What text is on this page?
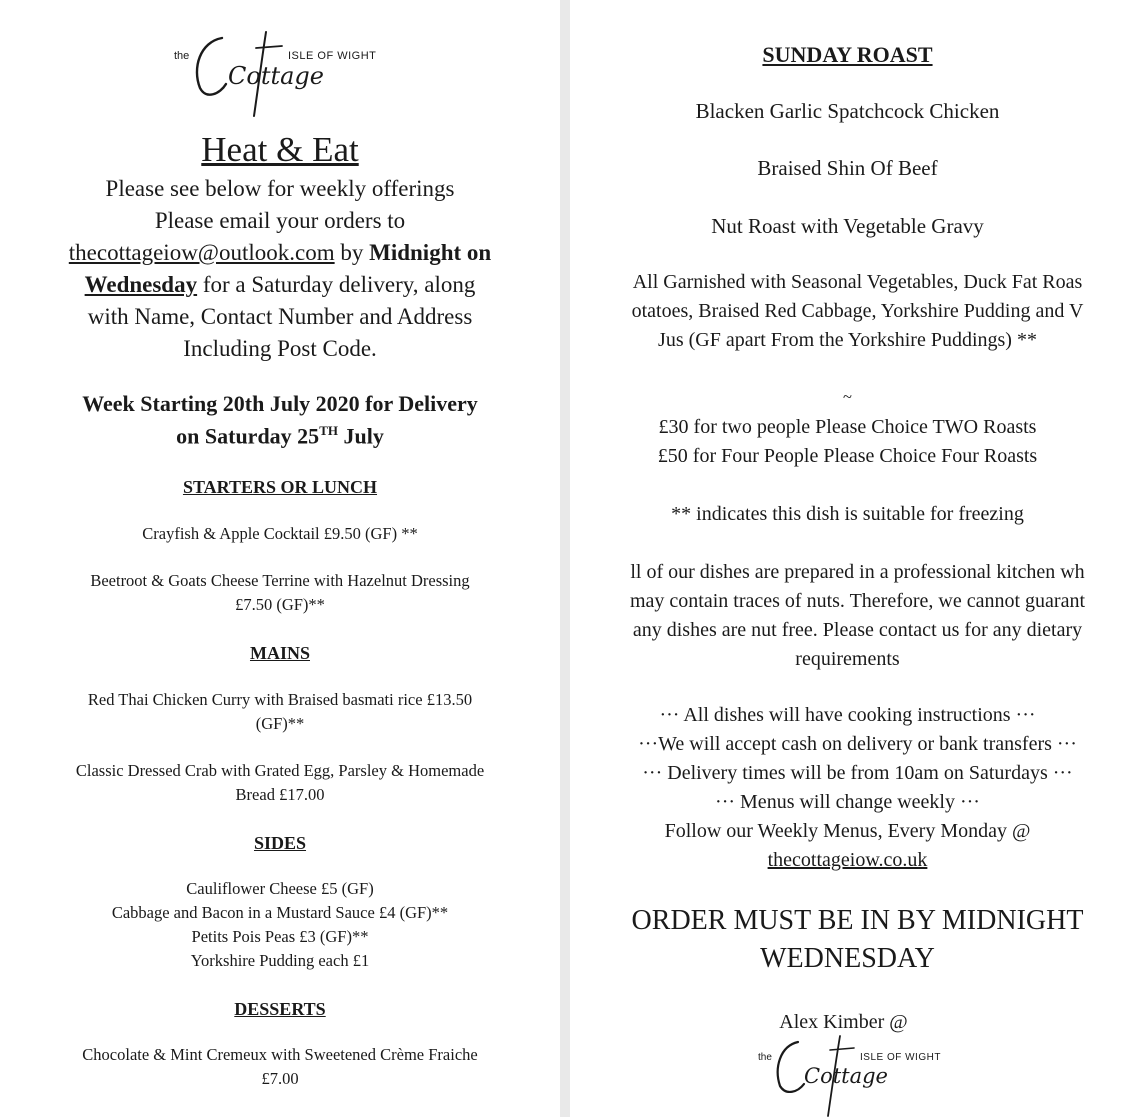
the
Cottage
ISLE OF WIGHT
Heat & Eat
Please see below for weekly offerings
Please email your orders to
thecottageiow@outlook.com by Midnight on
Wednesday for a Saturday delivery, along
with Name, Contact Number and Address
Including Post Code.
Week Starting 20th July 2020 for Delivery
on Saturday 25TH July
STARTERS OR LUNCH
Crayfish & Apple Cocktail £9.50 (GF) **
Beetroot & Goats Cheese Terrine with Hazelnut Dressing
£7.50 (GF)**
MAINS
Red Thai Chicken Curry with Braised basmati rice £13.50
(GF)**
Classic Dressed Crab with Grated Egg, Parsley & Homemade
Bread £17.00
SIDES
Cauliflower Cheese £5 (GF)
Cabbage and Bacon in a Mustard Sauce £4 (GF)**
Petits Pois Peas £3 (GF)**
Yorkshire Pudding each £1
DESSERTS
Chocolate & Mint Cremeux with Sweetened Crème Fraiche
£7.00
SUNDAY ROAST
Blacken Garlic Spatchcock Chicken
Braised Shin Of Beef
Nut Roast with Vegetable Gravy
All Garnished with Seasonal Vegetables, Duck Fat Roas
otatoes, Braised Red Cabbage, Yorkshire Pudding and V
Jus (GF apart From the Yorkshire Puddings) **
~
£30 for two people Please Choice TWO Roasts
£50 for Four People Please Choice Four Roasts
** indicates this dish is suitable for freezing
ll of our dishes are prepared in a professional kitchen wh
may contain traces of nuts. Therefore, we cannot guarant
any dishes are nut free. Please contact us for any dietary
requirements
··· All dishes will have cooking instructions ···
···We will accept cash on delivery or bank transfers ···
··· Delivery times will be from 10am on Saturdays ···
··· Menus will change weekly ···
Follow our Weekly Menus, Every Monday @
thecottageiow.co.uk
ORDER MUST BE IN BY MIDNIGHT
WEDNESDAY
Alex Kimber @
the
Cottage
ISLE OF WIGHT
